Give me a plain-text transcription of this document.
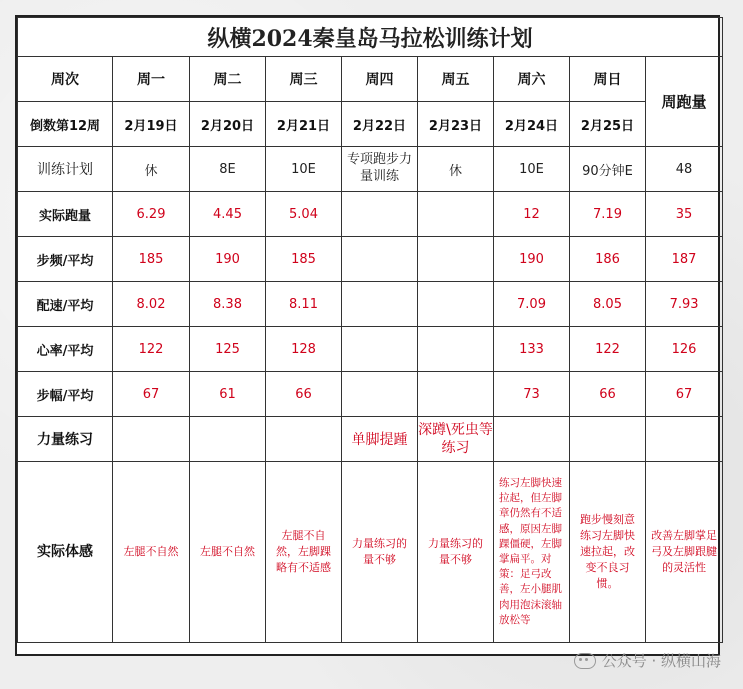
纵横2024秦皇岛马拉松训练计划								
周次	周一	周二	周三	周四	周五	周六	周日	周跑量
倒数第12周	2月19日	2月20日	2月21日	2月22日	2月23日	2月24日	2月25日	
训练计划	休	8E	10E	专项跑步力量训练	休	10E	90分钟E	48
实际跑量	6.29	4.45	5.04			12	7.19	35
步频/平均	185	190	185			190	186	187
配速/平均	8.02	8.38	8.11			7.09	8.05	7.93
心率/平均	122	125	128			133	122	126
步幅/平均	67	61	66			73	66	67
力量练习				单脚提踵	深蹲\死虫等练习			
实际体感	左腿不自然	左腿不自然	左腿不自然，左脚踝略有不适感	力量练习的量不够	力量练习的量不够	练习左脚快速拉起，但左脚章仍然有不适感，原因左脚踝僵硬，左脚掌扁平。对策：足弓改善，左小腿肌肉用泡沫滚轴放松等	跑步慢刻意练习左脚快速拉起，改变不良习惯。	改善左脚掌足弓及左脚跟腱的灵活性
公众号 · 纵横山海
